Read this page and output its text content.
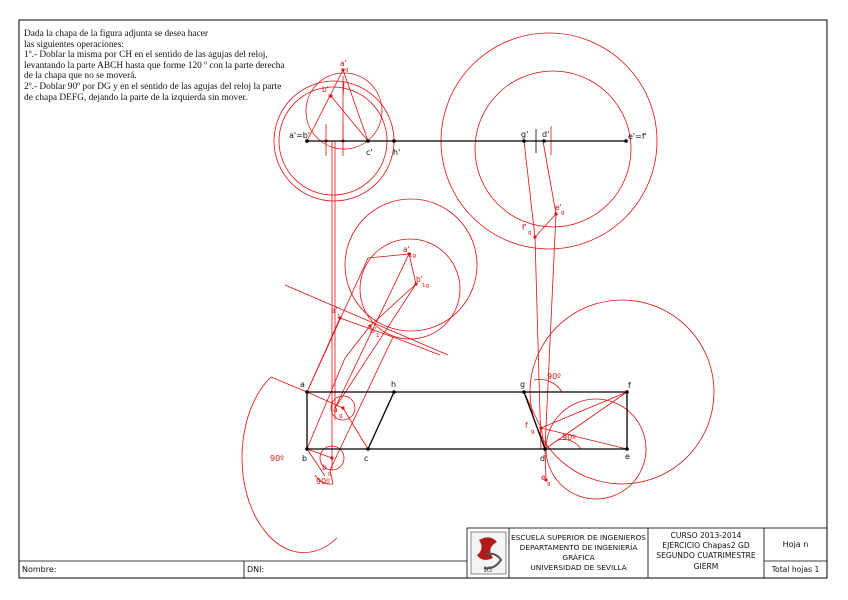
IG
a'=b'
c'	h'
g' d'	e'=f'
a	h	g	f
b	c	d	e
a'
g
b'
g
e'
g
f'
g
a'
1g
b'
1g
a'
1
b'
1
a
g
b
g
f
g
e
g
90º
90º
90º
90º
Dada la chapa de la figura adjunta se desea hacer
las siguientes operaciones:
1º.- Doblar la misma por CH en el sentido de las agujas del reloj,
levantando la parte ABCH hasta que forme 120 º con la parte derecha
de la chapa que no se moverá.
2º.- Doblar 90º por DG y en el sentido de las agujas del reloj la parte
de chapa DEFG, dejando la parte de la izquierda sin mover.
Nombre:	DNI:
ESCUELA SUPERIOR DE INGENIEROS
DEPARTAMENTO DE INGENIERÍA GRÁFICA
UNIVERSIDAD DE SEVILLA
CURSO 2013-2014
EJERCICIO Chapas2 GD
SEGUNDO CUATRIMESTRE
GIERM
Hoja n
Total hojas 1
